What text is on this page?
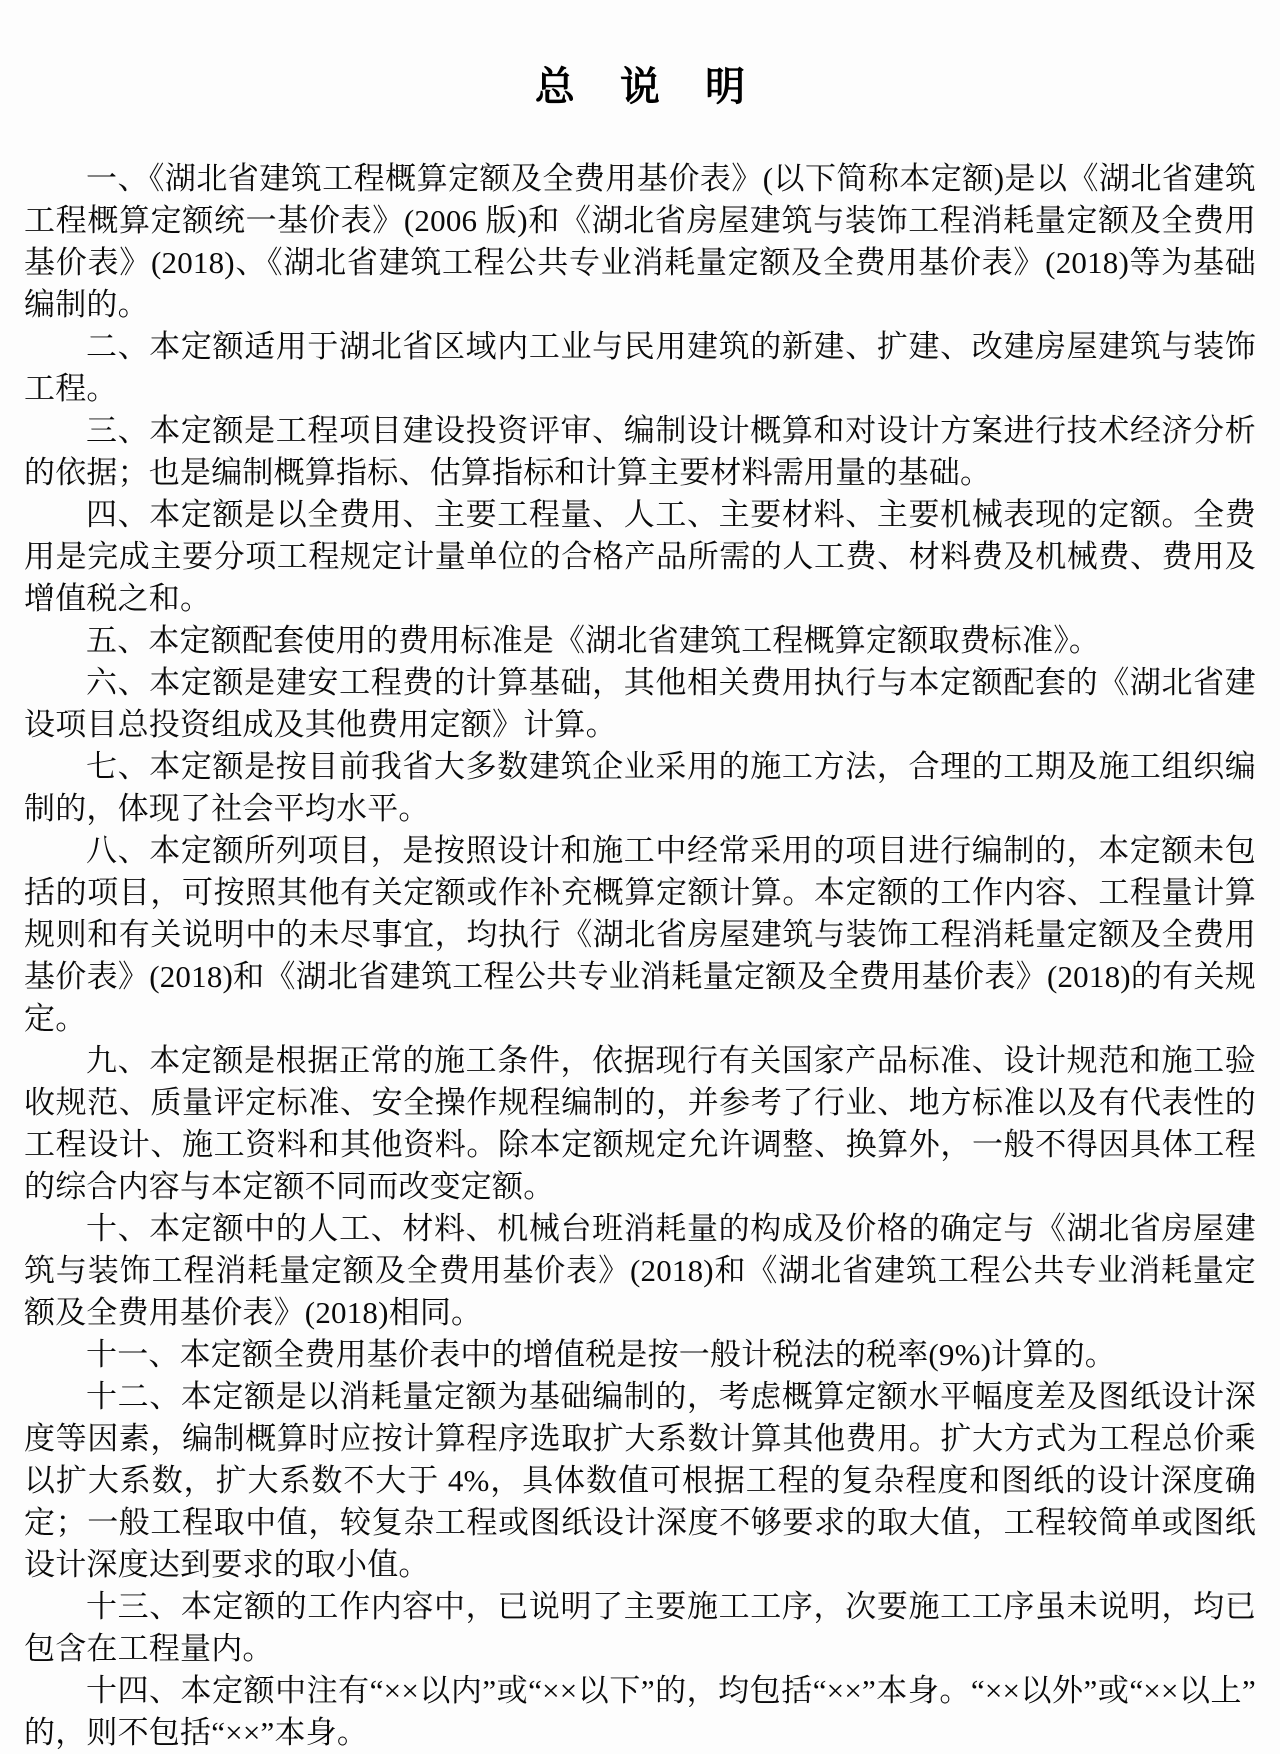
总 说 明

一、《湖北省建筑工程概算定额及全费用基价表》(以下简称本定额)是以《湖北省建筑工程概算定额统一基价表》(2006 版)和《湖北省房屋建筑与装饰工程消耗量定额及全费用基价表》(2018)、《湖北省建筑工程公共专业消耗量定额及全费用基价表》(2018)等为基础编制的。

二、本定额适用于湖北省区域内工业与民用建筑的新建、扩建、改建房屋建筑与装饰工程。

三、本定额是工程项目建设投资评审、编制设计概算和对设计方案进行技术经济分析的依据；也是编制概算指标、估算指标和计算主要材料需用量的基础。

四、本定额是以全费用、主要工程量、人工、主要材料、主要机械表现的定额。全费用是完成主要分项工程规定计量单位的合格产品所需的人工费、材料费及机械费、费用及增值税之和。

五、本定额配套使用的费用标准是《湖北省建筑工程概算定额取费标准》。

六、本定额是建安工程费的计算基础，其他相关费用执行与本定额配套的《湖北省建设项目总投资组成及其他费用定额》计算。

七、本定额是按目前我省大多数建筑企业采用的施工方法，合理的工期及施工组织编制的，体现了社会平均水平。

八、本定额所列项目，是按照设计和施工中经常采用的项目进行编制的，本定额未包括的项目，可按照其他有关定额或作补充概算定额计算。本定额的工作内容、工程量计算规则和有关说明中的未尽事宜，均执行《湖北省房屋建筑与装饰工程消耗量定额及全费用基价表》(2018)和《湖北省建筑工程公共专业消耗量定额及全费用基价表》(2018)的有关规定。

九、本定额是根据正常的施工条件，依据现行有关国家产品标准、设计规范和施工验收规范、质量评定标准、安全操作规程编制的，并参考了行业、地方标准以及有代表性的工程设计、施工资料和其他资料。除本定额规定允许调整、换算外，一般不得因具体工程的综合内容与本定额不同而改变定额。

十、本定额中的人工、材料、机械台班消耗量的构成及价格的确定与《湖北省房屋建筑与装饰工程消耗量定额及全费用基价表》(2018)和《湖北省建筑工程公共专业消耗量定额及全费用基价表》(2018)相同。

十一、本定额全费用基价表中的增值税是按一般计税法的税率(9%)计算的。

十二、本定额是以消耗量定额为基础编制的，考虑概算定额水平幅度差及图纸设计深度等因素，编制概算时应按计算程序选取扩大系数计算其他费用。扩大方式为工程总价乘以扩大系数，扩大系数不大于 4%，具体数值可根据工程的复杂程度和图纸的设计深度确定；一般工程取中值，较复杂工程或图纸设计深度不够要求的取大值，工程较简单或图纸设计深度达到要求的取小值。

十三、本定额的工作内容中，已说明了主要施工工序，次要施工工序虽未说明，均已包含在工程量内。

十四、本定额中注有“××以内”或“××以下”的，均包括“××”本身。“××以外”或“××以上”的，则不包括“××”本身。
